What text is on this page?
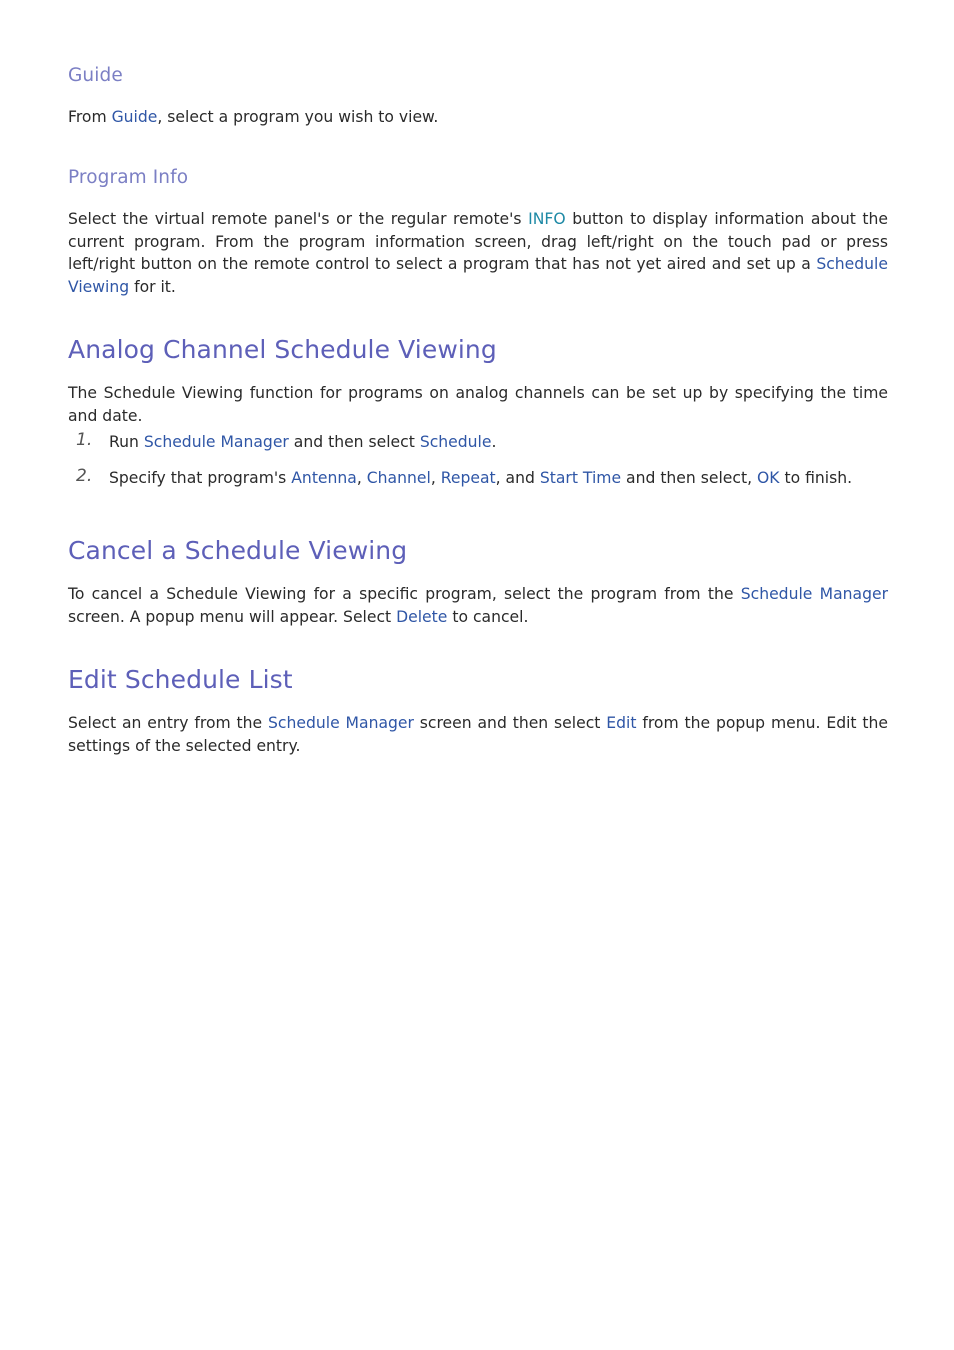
Guide

From Guide, select a program you wish to view.

Program Info

Select the virtual remote panel's or the regular remote's INFO button to display information about the current program. From the program information screen, drag left/right on the touch pad or press left/right button on the remote control to select a program that has not yet aired and set up a Schedule Viewing for it.

Analog Channel Schedule Viewing

The Schedule Viewing function for programs on analog channels can be set up by specifying the time and date.

1. Run Schedule Manager and then select Schedule.
2. Specify that program's Antenna, Channel, Repeat, and Start Time and then select, OK to finish.
Cancel a Schedule Viewing

To cancel a Schedule Viewing for a specific program, select the program from the Schedule Manager screen. A popup menu will appear. Select Delete to cancel.

Edit Schedule List

Select an entry from the Schedule Manager screen and then select Edit from the popup menu. Edit the settings of the selected entry.
